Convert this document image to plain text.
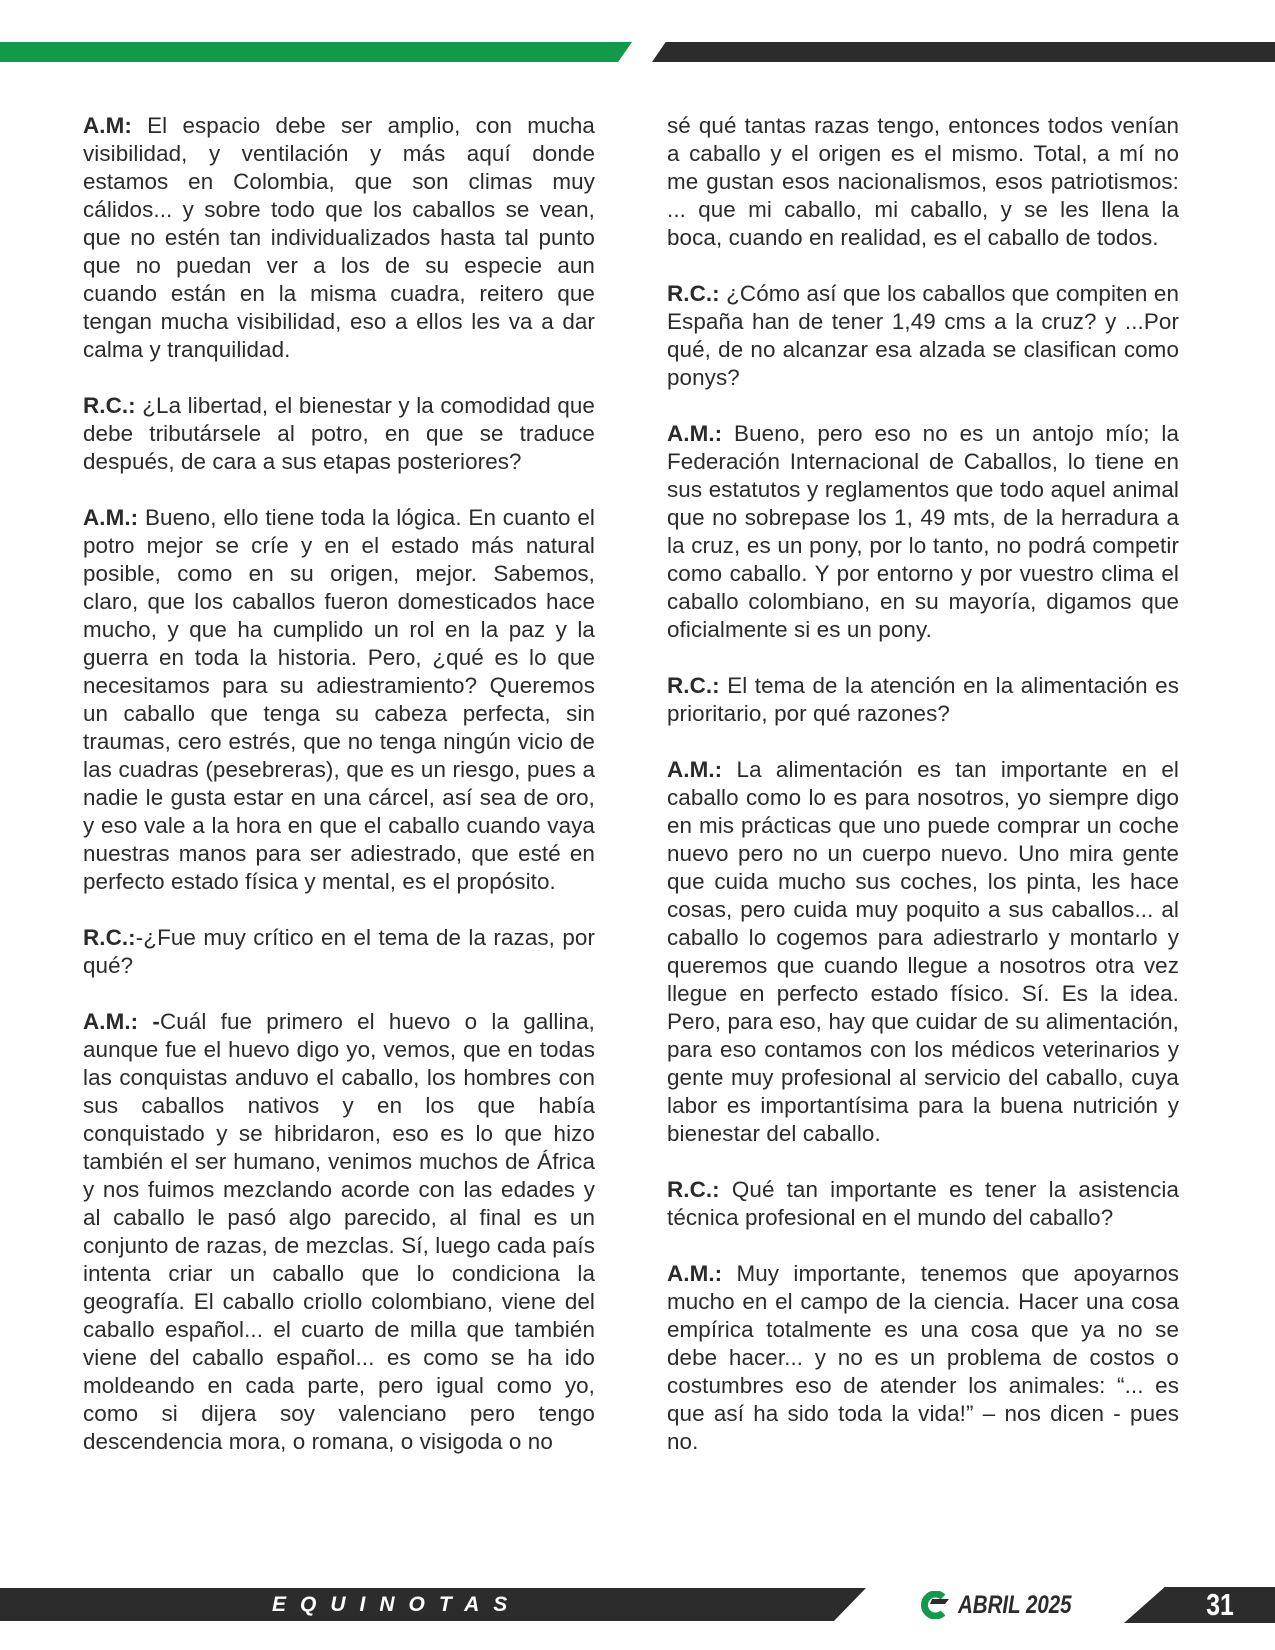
A.M: El espacio debe ser amplio, con mucha visibilidad, y ventilación y más aquí donde estamos en Colombia, que son climas muy cálidos... y sobre todo que los caballos se vean, que no estén tan individualizados hasta tal punto que no puedan ver a los de su especie aun cuando están en la misma cuadra, reitero que tengan mucha visibilidad, eso a ellos les va a dar calma y tranquilidad.

R.C.: ¿La libertad, el bienestar y la comodidad que debe tributársele al potro, en que se traduce después, de cara a sus etapas posteriores?

A.M.: Bueno, ello tiene toda la lógica. En cuanto el potro mejor se críe y en el estado más natural posible, como en su origen, mejor. Sabemos, claro, que los caballos fueron domesticados hace mucho, y que ha cumplido un rol en la paz y la guerra en toda la historia. Pero, ¿qué es lo que necesitamos para su adiestramiento? Queremos un caballo que tenga su cabeza perfecta, sin traumas, cero estrés, que no tenga ningún vicio de las cuadras (pesebreras), que es un riesgo, pues a nadie le gusta estar en una cárcel, así sea de oro, y eso vale a la hora en que el caballo cuando vaya nuestras manos para ser adiestrado, que esté en perfecto estado física y mental, es el propósito.

R.C.:-¿Fue muy crítico en el tema de la razas, por qué?

A.M.: -Cuál fue primero el huevo o la gallina, aunque fue el huevo digo yo, vemos, que en todas las conquistas anduvo el caballo, los hombres con sus caballos nativos y en los que había conquistado y se hibridaron, eso es lo que hizo también el ser humano, venimos muchos de África y nos fuimos mezclando acorde con las edades y al caballo le pasó algo parecido, al final es un conjunto de razas, de mezclas. Sí, luego cada país intenta criar un caballo que lo condiciona la geografía. El caballo criollo colombiano, viene del caballo español... el cuarto de milla que también viene del caballo español... es como se ha ido moldeando en cada parte, pero igual como yo, como si dijera soy valenciano pero tengo descendencia mora, o romana, o visigoda o no

sé qué tantas razas tengo, entonces todos venían a caballo y el origen es el mismo. Total, a mí no me gustan esos nacionalismos, esos patriotismos: ... que mi caballo, mi caballo, y se les llena la boca, cuando en realidad, es el caballo de todos.

R.C.: ¿Cómo así que los caballos que compiten en España han de tener 1,49 cms a la cruz? y ...Por qué, de no alcanzar esa alzada se clasifican como ponys?

A.M.: Bueno, pero eso no es un antojo mío; la Federación Internacional de Caballos, lo tiene en sus estatutos y reglamentos que todo aquel animal que no sobrepase los 1, 49 mts, de la herradura a la cruz, es un pony, por lo tanto, no podrá competir como caballo. Y por entorno y por vuestro clima el caballo colombiano, en su mayoría, digamos que oficialmente si es un pony.

R.C.: El tema de la atención en la alimentación es prioritario, por qué razones?

A.M.: La alimentación es tan importante en el caballo como lo es para nosotros, yo siempre digo en mis prácticas que uno puede comprar un coche nuevo pero no un cuerpo nuevo. Uno mira gente que cuida mucho sus coches, los pinta, les hace cosas, pero cuida muy poquito a sus caballos... al caballo lo cogemos para adiestrarlo y montarlo y queremos que cuando llegue a nosotros otra vez llegue en perfecto estado físico. Sí. Es la idea. Pero, para eso, hay que cuidar de su alimentación, para eso contamos con los médicos veterinarios y gente muy profesional al servicio del caballo, cuya labor es importantísima para la buena nutrición y bienestar del caballo.

R.C.: Qué tan importante es tener la asistencia técnica profesional en el mundo del caballo?

A.M.: Muy importante, tenemos que apoyarnos mucho en el campo de la ciencia. Hacer una cosa empírica totalmente es una cosa que ya no se debe hacer... y no es un problema de costos o costumbres eso de atender los animales: “... es que así ha sido toda la vida!” – nos dicen - pues no.

EQUINOTAS	ABRIL 2025	31
